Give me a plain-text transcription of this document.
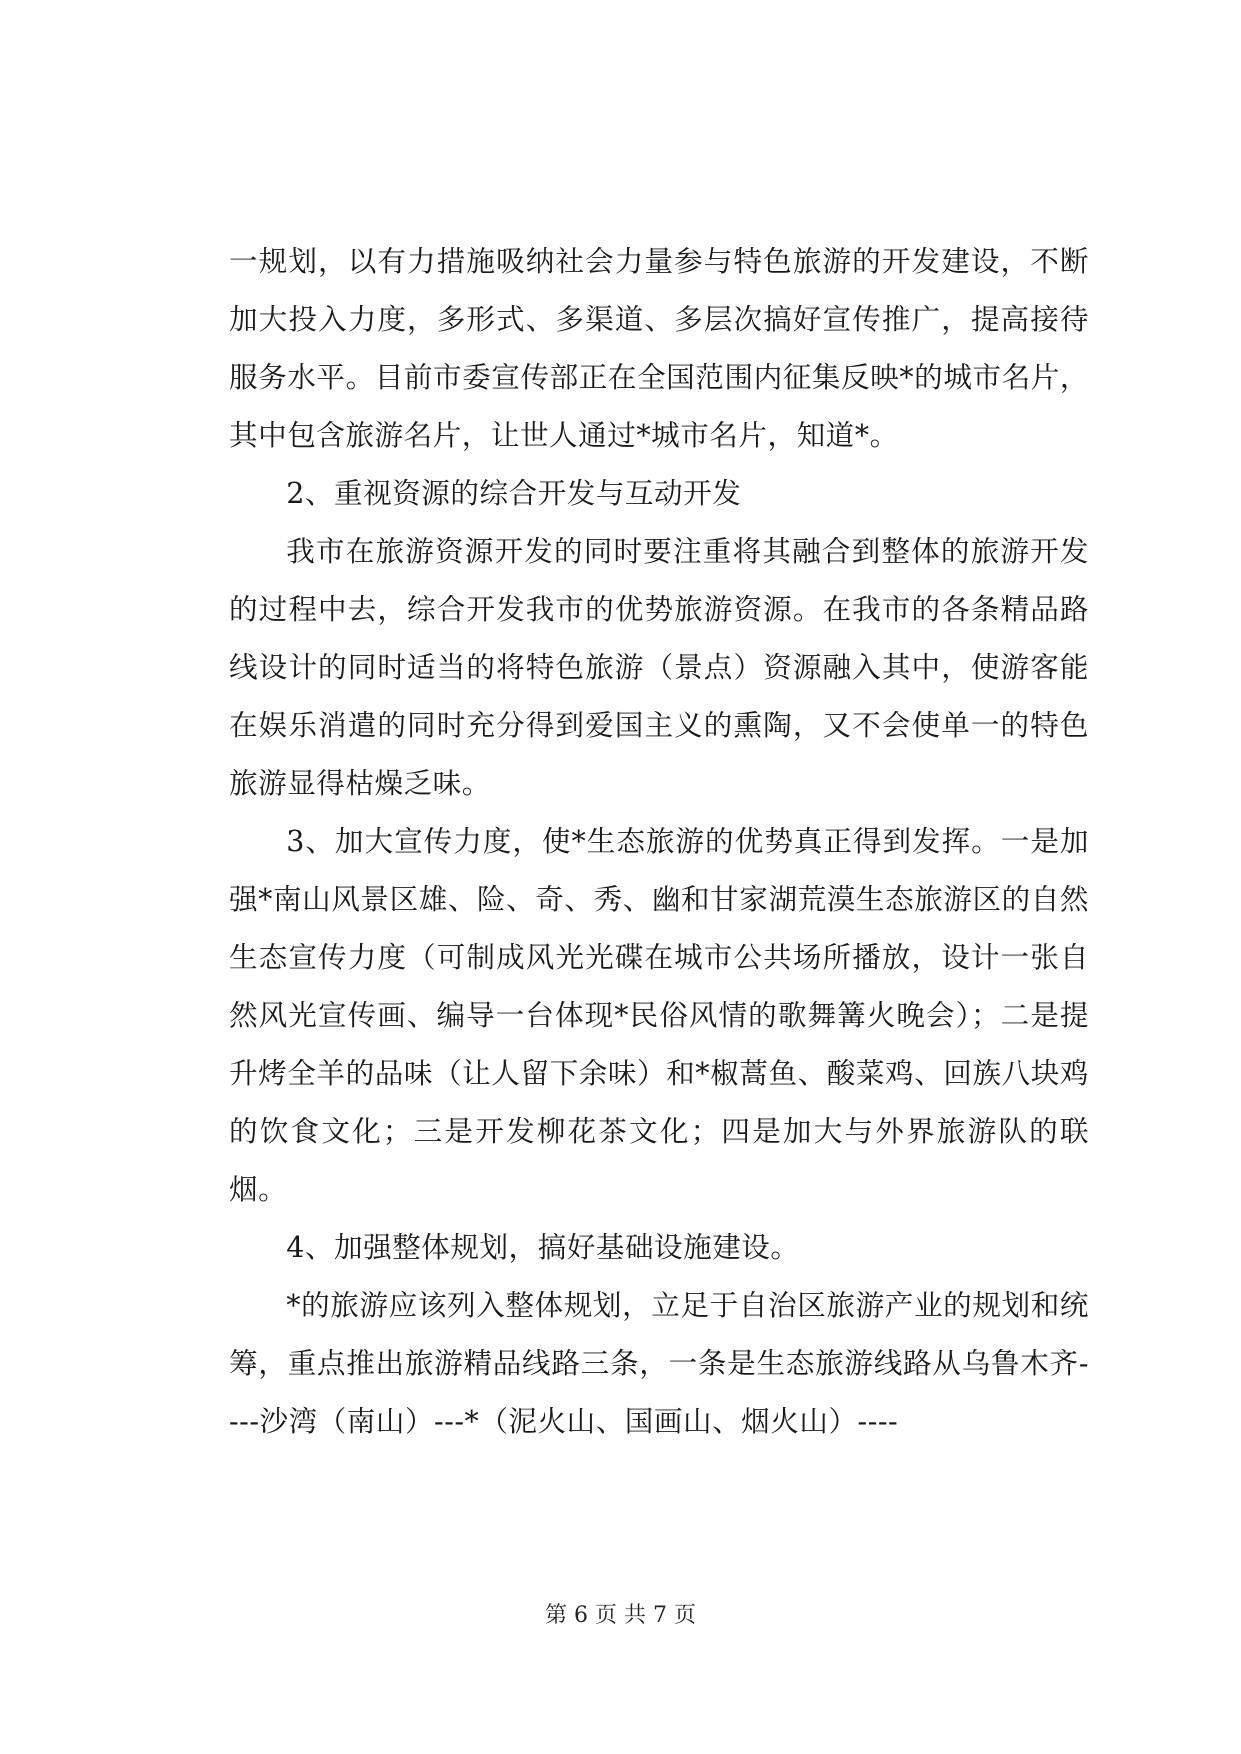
一规划，以有力措施吸纳社会力量参与特色旅游的开发建设，不断加大投入力度，多形式、多渠道、多层次搞好宣传推广，提高接待服务水平。目前市委宣传部正在全国范围内征集反映*的城市名片，其中包含旅游名片，让世人通过*城市名片，知道*。

2、重视资源的综合开发与互动开发

我市在旅游资源开发的同时要注重将其融合到整体的旅游开发的过程中去，综合开发我市的优势旅游资源。在我市的各条精品路线设计的同时适当的将特色旅游（景点）资源融入其中，使游客能在娱乐消遣的同时充分得到爱国主义的熏陶，又不会使单一的特色旅游显得枯燥乏味。

3、加大宣传力度，使*生态旅游的优势真正得到发挥。一是加强*南山风景区雄、险、奇、秀、幽和甘家湖荒漠生态旅游区的自然生态宣传力度（可制成风光光碟在城市公共场所播放，设计一张自然风光宣传画、编导一台体现*民俗风情的歌舞篝火晚会）；二是提升烤全羊的品味（让人留下余味）和*椒蒿鱼、酸菜鸡、回族八块鸡的饮食文化；三是开发柳花茶文化；四是加大与外界旅游队的联烟。

4、加强整体规划，搞好基础设施建设。

*的旅游应该列入整体规划，立足于自治区旅游产业的规划和统筹，重点推出旅游精品线路三条，一条是生态旅游线路从乌鲁木齐----沙湾（南山）---*（泥火山、国画山、烟火山）----

第 6 页 共 7 页
